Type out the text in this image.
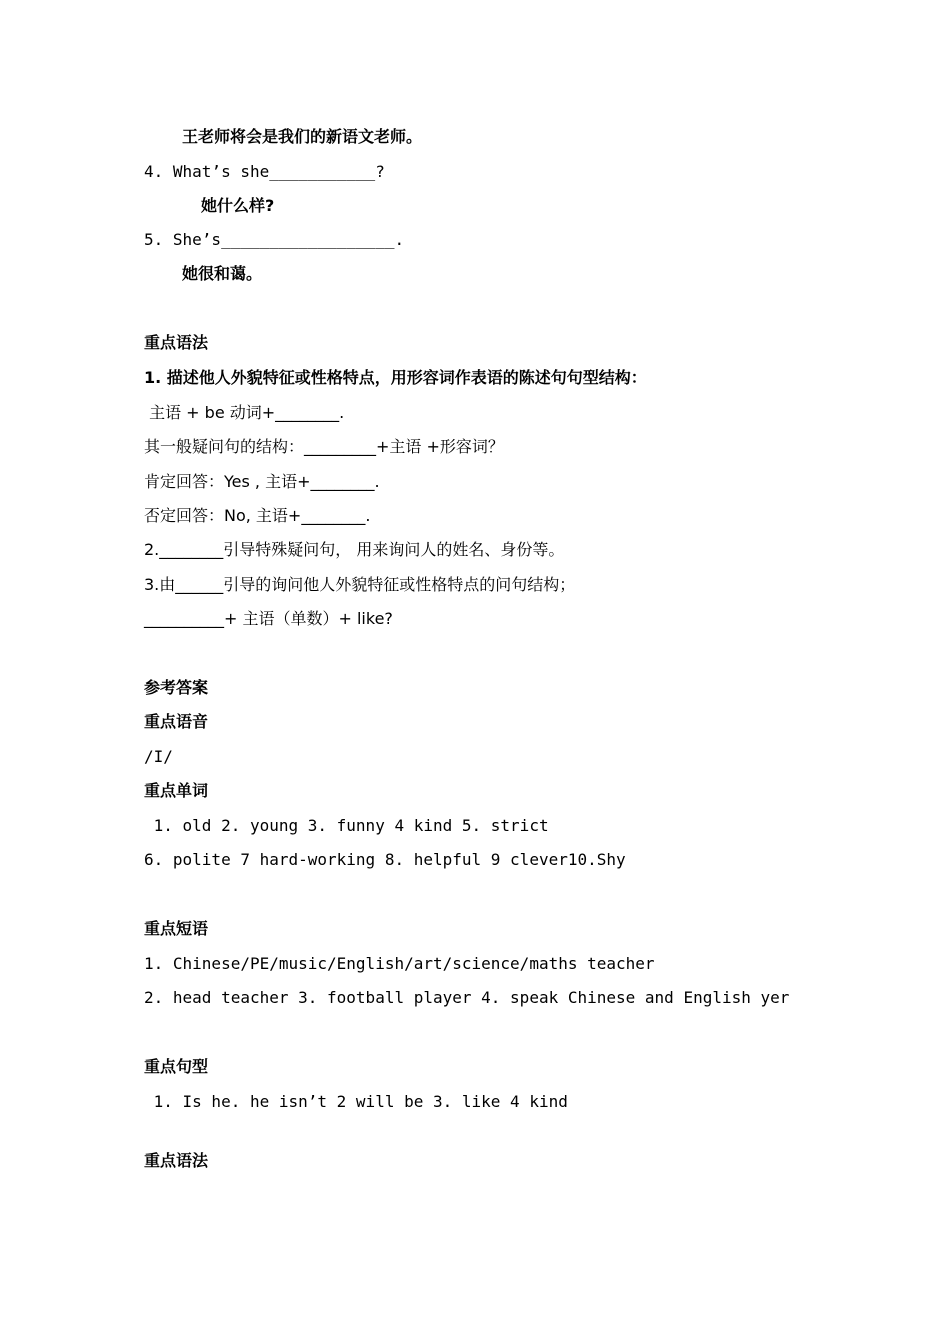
王老师将会是我们的新语文老师。
4. What’s she___________?
她什么样?
5. She’s__________________.
她很和蔼。
重点语法
1. 描述他人外貌特征或性格特点，用形容词作表语的陈述句句型结构：
主语 + be 动词+________.
其一般疑问句的结构：_________+主语 +形容词？
肯定回答：Yes , 主语+________.
否定回答：No, 主语+________.
2.________引导特殊疑问句， 用来询问人的姓名、身份等。
3.由______引导的询问他人外貌特征或性格特点的问句结构；
__________+ 主语（单数）+ like?
参考答案
重点语音
/I/
重点单词
1. old 2. young 3. funny 4 kind 5. strict
6. polite 7 hard-working 8. helpful 9 clever10.Shy
重点短语
1. Chinese/PE/music/English/art/science/maths teacher
2. head teacher 3. football player 4. speak Chinese and English yer
重点句型
1. Is he. he isn’t 2 will be 3. like 4 kind
重点语法
